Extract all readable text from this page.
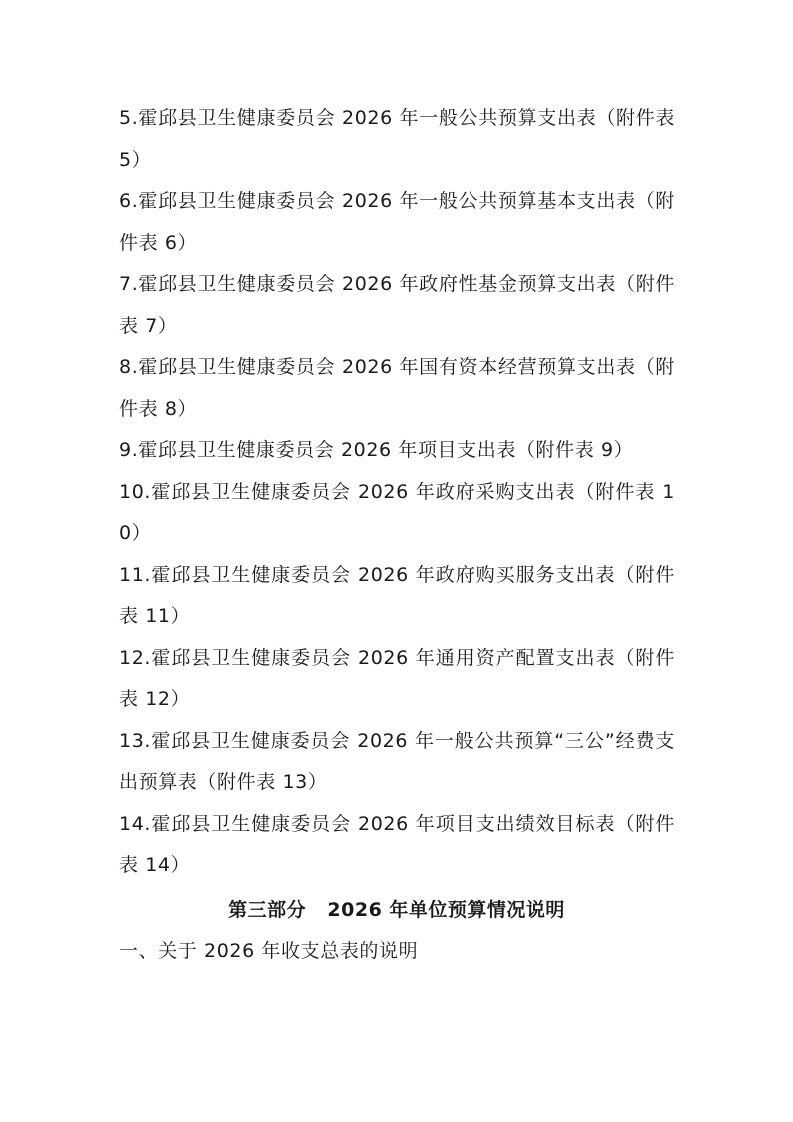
5.霍邱县卫生健康委员会 2026 年一般公共预算支出表（附件表 5）

6.霍邱县卫生健康委员会 2026 年一般公共预算基本支出表（附件表 6）

7.霍邱县卫生健康委员会 2026 年政府性基金预算支出表（附件表 7）

8.霍邱县卫生健康委员会 2026 年国有资本经营预算支出表（附件表 8）

9.霍邱县卫生健康委员会 2026 年项目支出表（附件表 9）

10.霍邱县卫生健康委员会 2026 年政府采购支出表（附件表 10）

11.霍邱县卫生健康委员会 2026 年政府购买服务支出表（附件表 11）

12.霍邱县卫生健康委员会 2026 年通用资产配置支出表（附件表 12）

13.霍邱县卫生健康委员会 2026 年一般公共预算“三公”经费支出预算表（附件表 13）

14.霍邱县卫生健康委员会 2026 年项目支出绩效目标表（附件表 14）

第三部分   2026 年单位预算情况说明
一、关于 2026 年收支总表的说明
